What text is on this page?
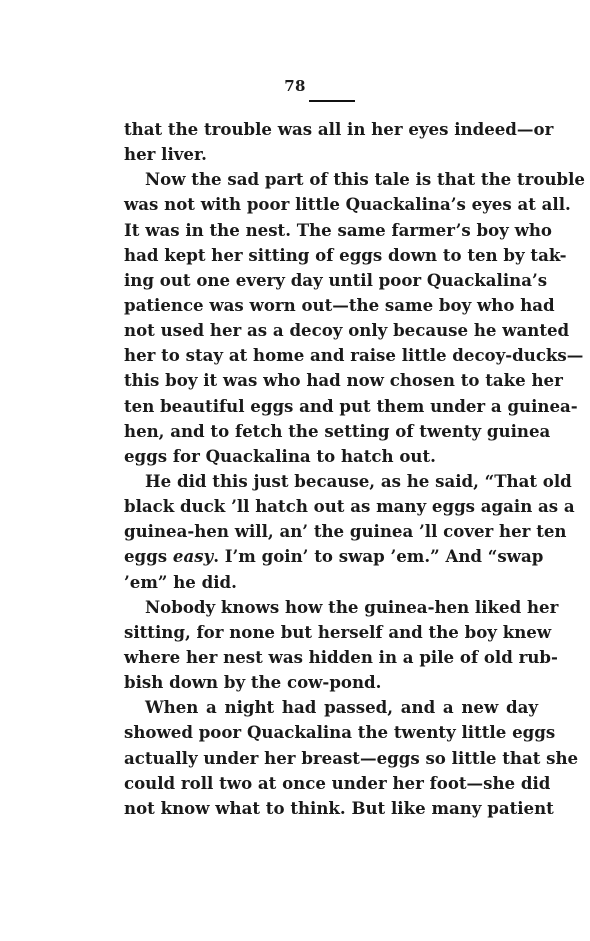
78
that the trouble was all in her eyes indeed—or
her liver.
Now the sad part of this tale is that the trouble
was not with poor little Quackalina’s eyes at all.
It was in the nest. The same farmer’s boy who
had kept her sitting of eggs down to ten by tak-
ing out one every day until poor Quackalina’s
patience was worn out—the same boy who had
not used her as a decoy only because he wanted
her to stay at home and raise little decoy-ducks—
this boy it was who had now chosen to take her
ten beautiful eggs and put them under a guinea-
hen, and to fetch the setting of twenty guinea
eggs for Quackalina to hatch out.
He did this just because, as he said, “That old
black duck ’ll hatch out as many eggs again as a
guinea-hen will, an’ the guinea ’ll cover her ten
eggs easy. I’m goin’ to swap ’em.” And “swap
’em” he did.
Nobody knows how the guinea-hen liked her
sitting, for none but herself and the boy knew
where her nest was hidden in a pile of old rub-
bish down by the cow-pond.
When a night had passed, and a new day
showed poor Quackalina the twenty little eggs
actually under her breast—eggs so little that she
could roll two at once under her foot—she did
not know what to think. But like many patient
